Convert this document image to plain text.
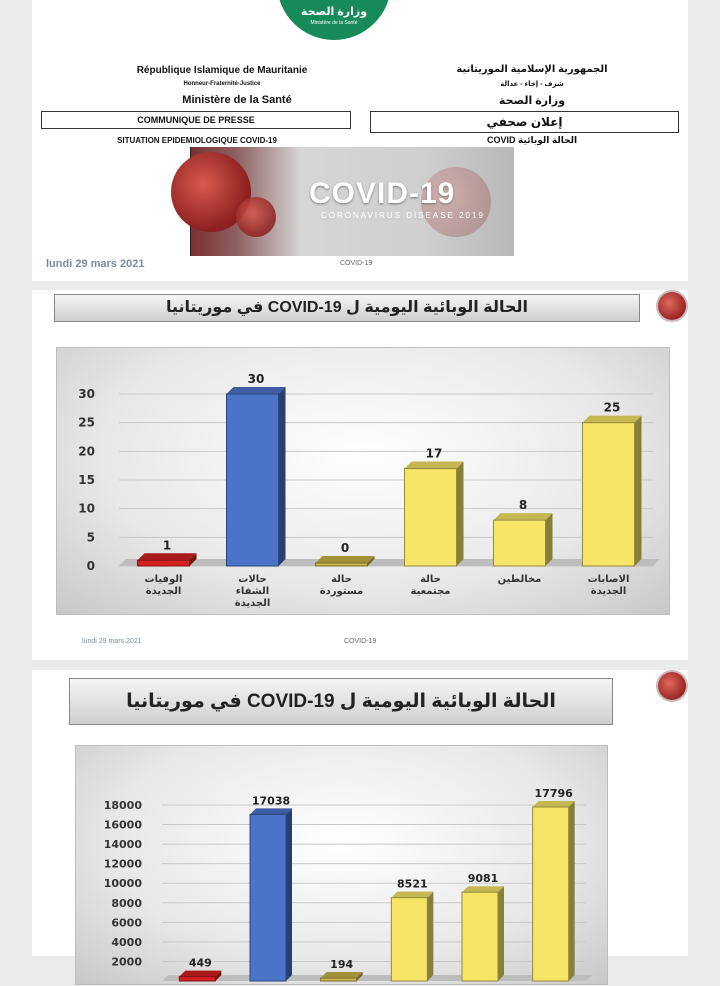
وزارة الصحة
Ministère de la Santé
République Islamique de Mauritanie
Honneur-Fraternité-Justice
Ministère de la Santé
COMMUNIQUE DE PRESSE
SITUATION EPIDEMIOLOGIQUE COVID-19
الجمهورية الإسلامية الموريتانية
شرف - إخاء - عدالة
وزارة الصحة
إعلان صحفي
الحالة الوبائية COVID
COVID-19
CORONAVIRUS DISEASE 2019
lundi 29 mars 2021	COVID-19
الحالة الوبائية اليومية ل COVID-19 في موريتانيا
0
5
10
15
20
25
30
1
الوفيات
الجديدة
30
حالات
الشفاء
الجديدة
0
حالة
مستوردة
17
حالة
مجتمعية
8
مخالطين
25
الاصابات
الجديدة
lundi 29 mars 2021	COVID-19
الحالة الوبائية اليومية ل COVID-19 في موريتانيا
2000
4000
6000
8000
10000
12000
14000
16000
18000
449
17038
194
8521	9081
17796
